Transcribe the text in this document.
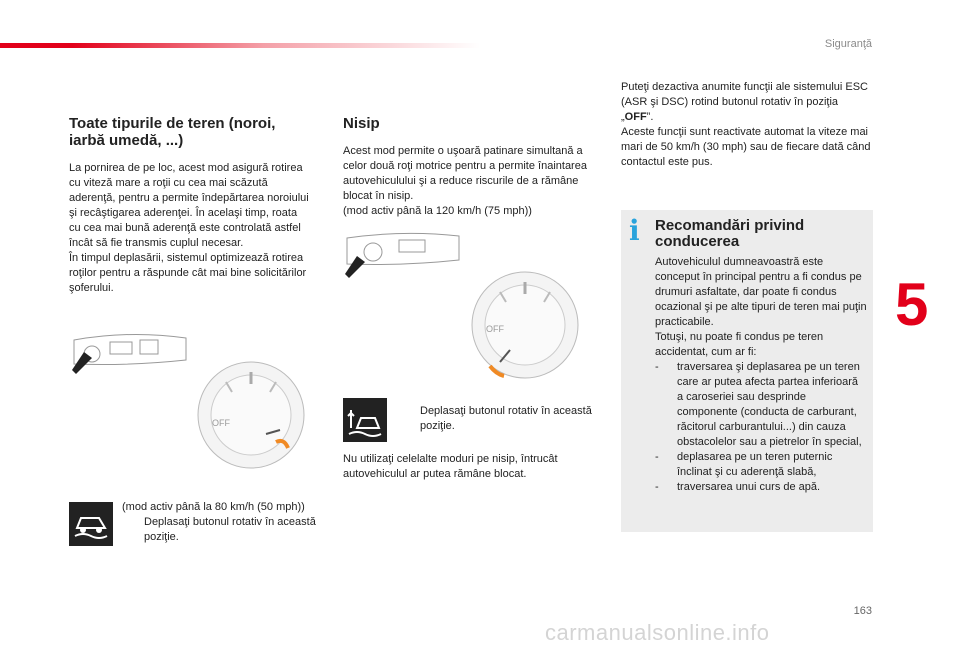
Siguranţă
5
163
carmanualsonline.info
Toate tipurile de teren (noroi, iarbă umedă, ...)

La pornirea de pe loc, acest mod asigură rotirea cu viteză mare a roţii cu cea mai scăzută aderenţă, pentru a permite îndepărtarea noroiului şi recâştigarea aderenţei. În acelaşi timp, roata cu cea mai bună aderenţă este controlată astfel încât să fie transmis cuplul necesar.
În timpul deplasării, sistemul optimizează rotirea roţilor pentru a răspunde cât mai bine solicitărilor şoferului.

OFF

(mod activ până la 80 km/h (50 mph))

Deplasaţi butonul rotativ în această poziţie.
Nisip

Acest mod permite o uşoară patinare simultană a celor două roţi motrice pentru a permite înaintarea autovehiculului şi a reduce riscurile de a rămâne blocat în nisip.
(mod activ până la 120 km/h (75 mph))

OFF
Deplasaţi butonul rotativ în această poziţie.

Nu utilizaţi celelalte moduri pe nisip, întrucât autovehiculul ar putea rămâne blocat.

Puteţi dezactiva anumite funcţii ale sistemului ESC (ASR şi DSC) rotind butonul rotativ în poziţia „OFF”.
Aceste funcţii sunt reactivate automat la viteze mai mari de 50 km/h (30 mph) sau de fiecare dată când contactul este pus.

i Recomandări privind conducerea

Autovehiculul dumneavoastră este conceput în principal pentru a fi condus pe drumuri asfaltate, dar poate fi condus ocazional şi pe alte tipuri de teren mai puţin practicabile.
Totuşi, nu poate fi condus pe teren accidentat, cum ar fi:

- traversarea şi deplasarea pe un teren care ar putea afecta partea inferioară a caroseriei sau desprinde componente (conducta de carburant, răcitorul carburantului...) din cauza obstacolelor sau a pietrelor în special,
- deplasarea pe un teren puternic înclinat şi cu aderenţă slabă,
- traversarea unui curs de apă.
